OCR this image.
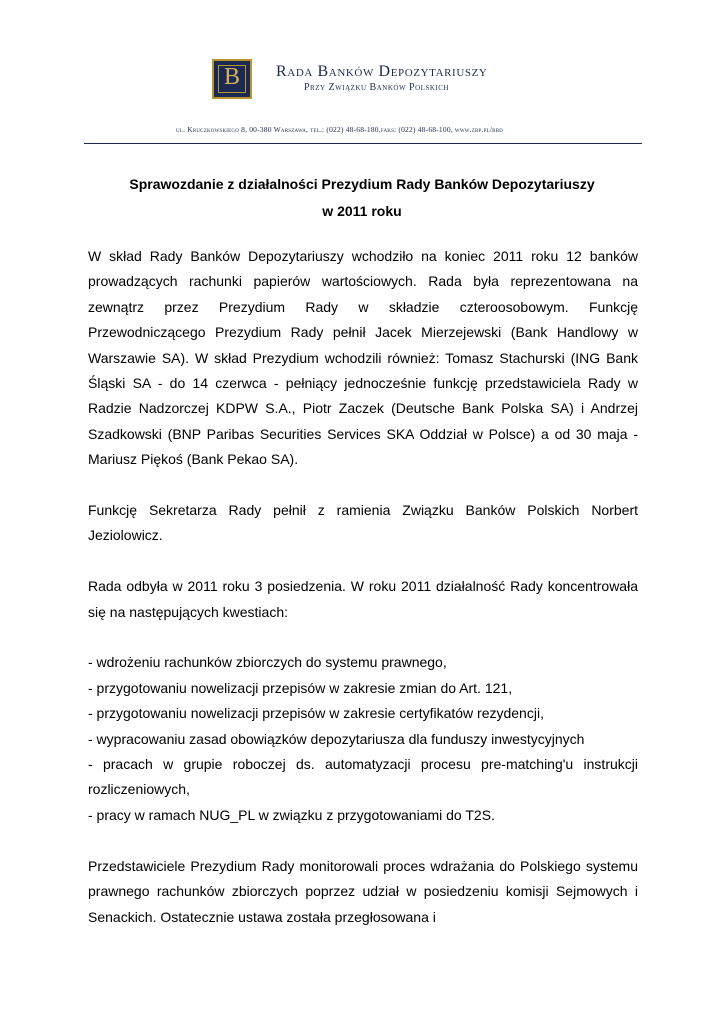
B	Rada Banków Depozytariuszy
Przy Związku Banków Polskich
ul. Kruczkowskiego 8, 00-380 Warszawa, tel.: (022) 48-68-180,faks: (022) 48-68-100, www.zbp.pl/rbd
Sprawozdanie z działalności Prezydium Rady Banków Depozytariuszy
w 2011 roku

W skład Rady Banków Depozytariuszy wchodziło na koniec 2011 roku 12 banków prowadzących rachunki papierów wartościowych. Rada była reprezentowana na zewnątrz przez Prezydium Rady w składzie czteroosobowym. Funkcję Przewodniczącego Prezydium Rady pełnił Jacek Mierzejewski (Bank Handlowy w Warszawie SA). W skład Prezydium wchodzili również: Tomasz Stachurski (ING Bank Śląski SA - do 14 czerwca - pełniący jednocześnie funkcję przedstawiciela Rady w Radzie Nadzorczej KDPW S.A., Piotr Zaczek (Deutsche Bank Polska SA) i Andrzej Szadkowski (BNP Paribas Securities Services SKA Oddział w Polsce) a od 30 maja - Mariusz Piękoś (Bank Pekao SA).

Funkcję Sekretarza Rady pełnił z ramienia Związku Banków Polskich Norbert Jeziolowicz.

Rada odbyła w 2011 roku 3 posiedzenia. W roku 2011 działalność Rady koncentrowała się na następujących kwestiach:

- wdrożeniu rachunków zbiorczych do systemu prawnego,
- przygotowaniu nowelizacji przepisów w zakresie zmian do Art. 121,
- przygotowaniu nowelizacji przepisów w zakresie certyfikatów rezydencji,
- wypracowaniu zasad obowiązków depozytariusza dla funduszy inwestycyjnych
- pracach w grupie roboczej ds. automatyzacji procesu pre-matching'u instrukcji rozliczeniowych,
- pracy w ramach NUG_PL w związku z przygotowaniami do T2S.

Przedstawiciele Prezydium Rady monitorowali proces wdrażania do Polskiego systemu prawnego rachunków zbiorczych poprzez udział w posiedzeniu komisji Sejmowych i Senackich. Ostatecznie ustawa została przegłosowana i
